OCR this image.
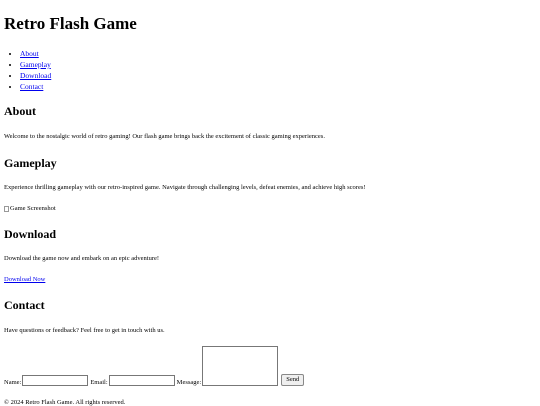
Retro Flash Game
• About
• Gameplay
• Download
• Contact
About

Welcome to the nostalgic world of retro gaming! Our flash game brings back the excitement of classic gaming experiences.

Gameplay

Experience thrilling gameplay with our retro-inspired game. Navigate through challenging levels, defeat enemies, and achieve high scores!

Game Screenshot
Download

Download the game now and embark on an epic adventure!

Download Now

Contact

Have questions or feedback? Feel free to get in touch with us.

Name:	Email:	Message:	Send
© 2024 Retro Flash Game. All rights reserved.
